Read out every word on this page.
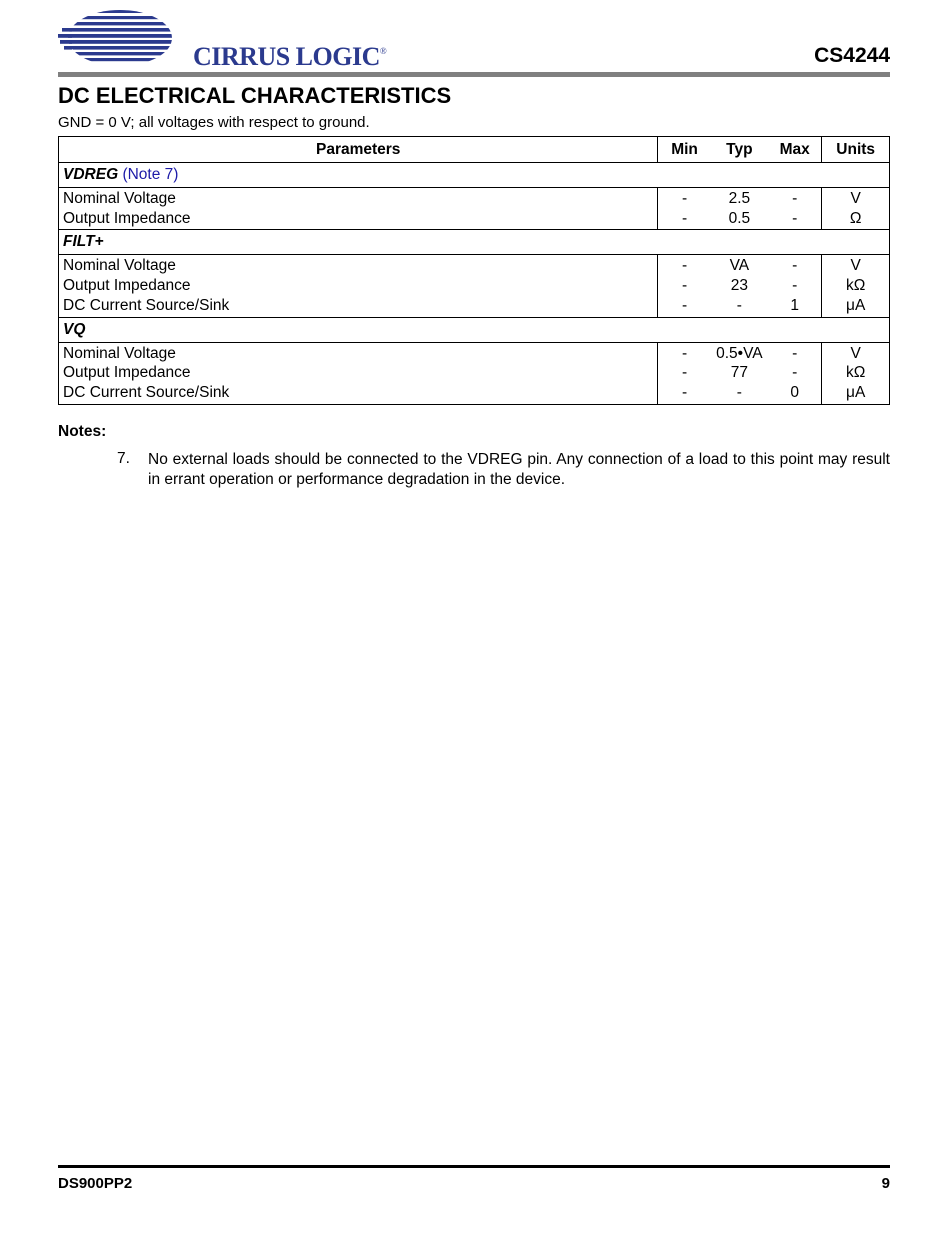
CIRRUS LOGIC®	CS4244
DC ELECTRICAL CHARACTERISTICS
GND = 0 V; all voltages with respect to ground.
Parameters	Min	Typ	Max	Units
VDREG (Note 7)				
Nominal Voltage	-	2.5	-	V
Output Impedance	-	0.5	-	Ω
FILT+				
Nominal Voltage	-	VA	-	V
Output Impedance	-	23	-	kΩ
DC Current Source/Sink	-	-	1	μA
VQ				
Nominal Voltage	-	0.5•VA	-	V
Output Impedance	-	77	-	kΩ
DC Current Source/Sink	-	-	0	μA
Notes:
7. No external loads should be connected to the VDREG pin. Any connection of a load to this point may result in errant operation or performance degradation in the device.
DS900PP2	9
